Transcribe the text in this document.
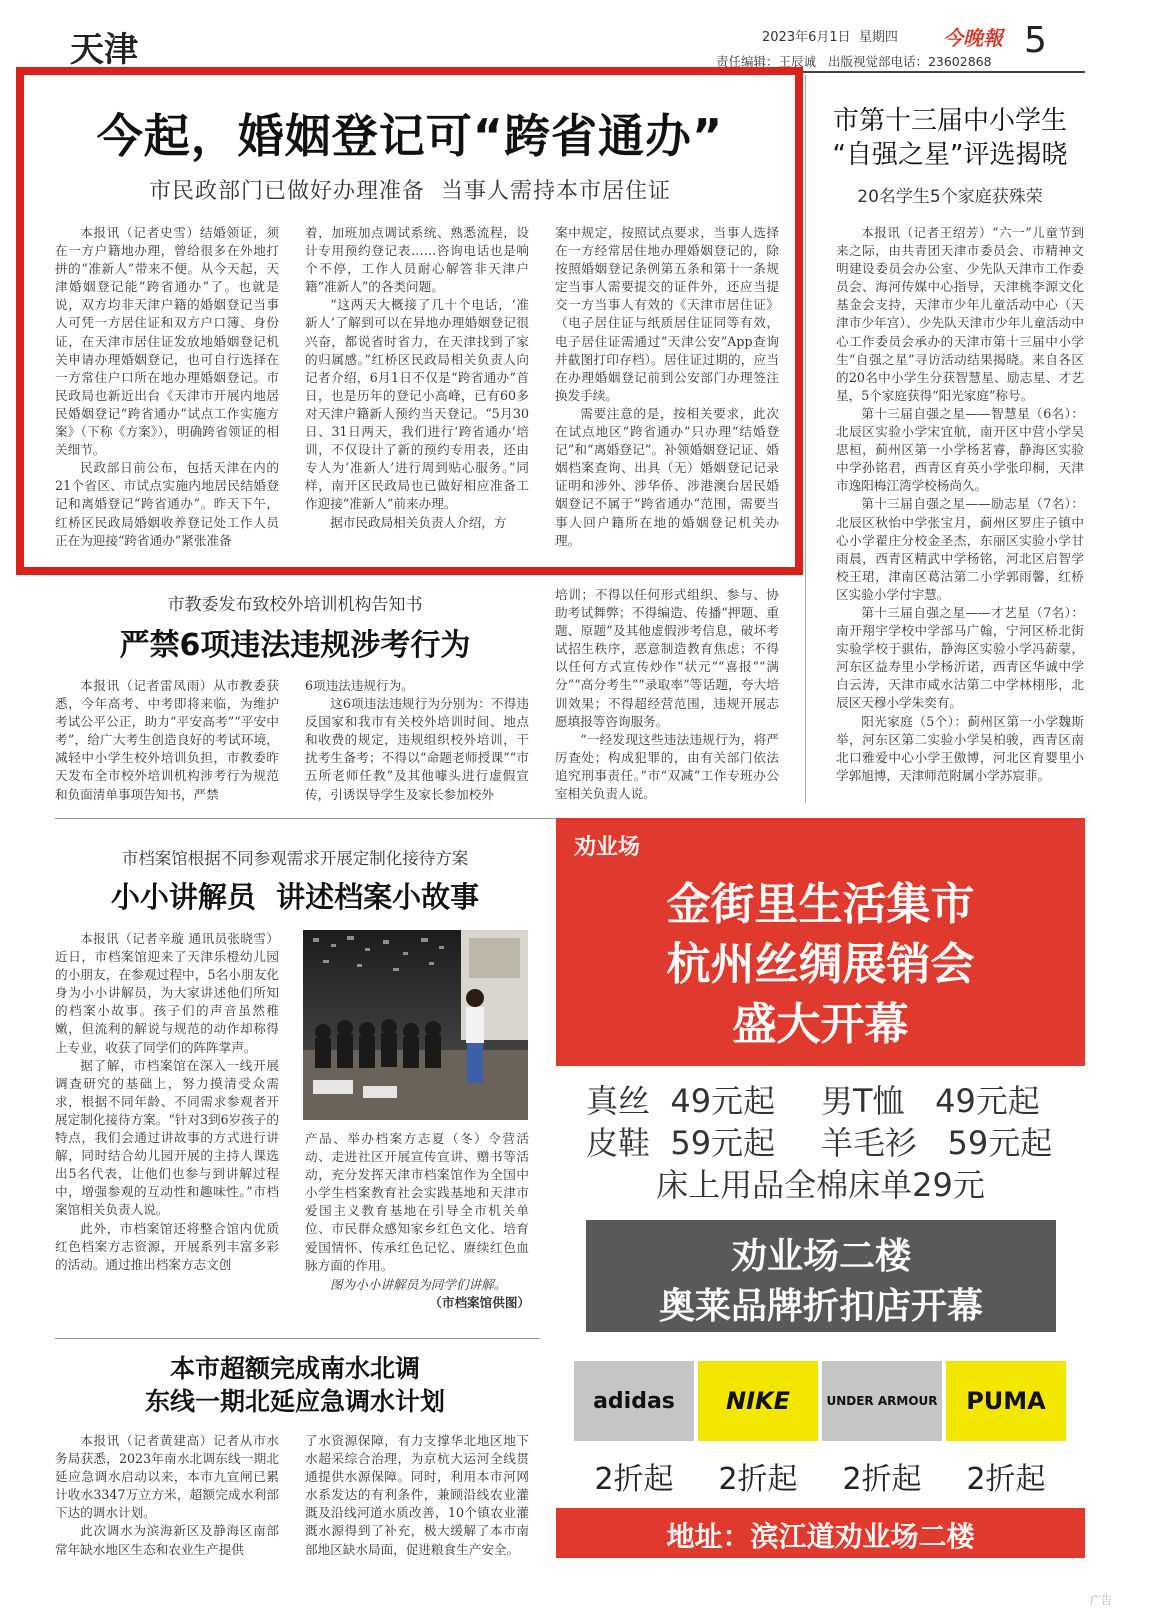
天津	2023年6月1日 星期四 今晚報 5
责任编辑：王辰诚 出版视觉部电话：23602868
今起，婚姻登记可“跨省通办”
市民政部门已做好办理准备  当事人需持本市居住证

本报讯（记者史雪）结婚领证，须在一方户籍地办理，曾给很多在外地打拼的“准新人”带来不便。从今天起，天津婚姻登记能“跨省通办”了。也就是说，双方均非天津户籍的婚姻登记当事人可凭一方居住证和双方户口簿、身份证，在天津市居住证发放地婚姻登记机关申请办理婚姻登记，也可自行选择在一方常住户口所在地办理婚姻登记。市民政局也新近出台《天津市开展内地居民婚姻登记“跨省通办”试点工作实施方案》（下称《方案》），明确跨省领证的相关细节。

民政部日前公布，包括天津在内的21个省区、市试点实施内地居民结婚登记和离婚登记“跨省通办”。昨天下午，红桥区民政局婚姻收养登记处工作人员正在为迎接“跨省通办”紧张准备

着，加班加点调试系统、熟悉流程，设计专用预约登记表……咨询电话也是响个不停，工作人员耐心解答非天津户籍“准新人”的各类问题。

“这两天大概接了几十个电话，‘准新人’了解到可以在异地办理婚姻登记很兴奋，都说省时省力，在天津找到了家的归属感。”红桥区民政局相关负责人向记者介绍，6月1日不仅是“跨省通办”首日，也是历年的登记小高峰，已有60多对天津户籍新人预约当天登记。“5月30日、31日两天，我们进行‘跨省通办’培训，不仅设计了新的预约专用表，还由专人为‘准新人’进行周到贴心服务。”同样，南开区民政局也已做好相应准备工作迎接“准新人”前来办理。

据市民政局相关负责人介绍，方

案中规定，按照试点要求，当事人选择在一方经常居住地办理婚姻登记的，除按照婚姻登记条例第五条和第十一条规定当事人需要提交的证件外，还应当提交一方当事人有效的《天津市居住证》（电子居住证与纸质居住证同等有效，电子居住证需通过“天津公安”App查询并截图打印存档）。居住证过期的，应当在办理婚姻登记前到公安部门办理签注换发手续。

需要注意的是，按相关要求，此次在试点地区“跨省通办”只办理“结婚登记”和“离婚登记”。补领婚姻登记证、婚姻档案查询、出具（无）婚姻登记记录证明和涉外、涉华侨、涉港澳台居民婚姻登记不属于“跨省通办”范围，需要当事人回户籍所在地的婚姻登记机关办理。

市第十三届中小学生
“自强之星”评选揭晓
20名学生5个家庭获殊荣

本报讯（记者王绍芳）“六一”儿童节到来之际，由共青团天津市委员会、市精神文明建设委员会办公室、少先队天津市工作委员会、海河传媒中心指导，天津桃李源文化基金会支持，天津市少年儿童活动中心（天津市少年宫）、少先队天津市少年儿童活动中心工作委员会承办的天津市第十三届中小学生“自强之星”寻访活动结果揭晓。来自各区的20名中小学生分获智慧星、励志星、才艺星，5个家庭获得“阳光家庭”称号。

第十三届自强之星——智慧星（6名）：北辰区实验小学宋宜航，南开区中营小学吴思桓，蓟州区第一小学杨茗睿，静海区实验中学孙铭君，西青区育英小学张印桐，天津市逸阳梅江湾学校杨尚久。

第十三届自强之星——励志星（7名）：北辰区秋怡中学张宝月，蓟州区罗庄子镇中心小学翟庄分校金圣杰，东丽区实验小学甘雨晨，西青区精武中学杨铭，河北区启智学校王珺，津南区葛沽第二小学郭雨馨，红桥区实验小学付宇慧。

第十三届自强之星——才艺星（7名）：南开翔宇学校中学部马广翰，宁河区桥北街实验学校于骐佑，静海区实验小学冯薪蒙，河东区益寿里小学杨沂诺，西青区华诚中学白云涛，天津市咸水沽第二中学林栩彤，北辰区天穆小学朱奕有。

阳光家庭（5个）：蓟州区第一小学魏斯举，河东区第二实验小学吴柏骏，西青区南北口雅爱中心小学王傲博，河北区育婴里小学郭旭博，天津师范附属小学苏宸菲。

市教委发布致校外培训机构告知书
严禁6项违法违规涉考行为

本报讯（记者雷凤雨）从市教委获悉，今年高考、中考即将来临，为维护考试公平公正，助力“平安高考”“平安中考”，给广大考生创造良好的考试环境，减轻中小学生校外培训负担，市教委昨天发布全市校外培训机构涉考行为规范和负面清单事项告知书，严禁

6项违法违规行为。

这6项违法违规行为分别为：不得违反国家和我市有关校外培训时间、地点和收费的规定，违规组织校外培训，干扰考生备考；不得以“命题老师授课”“市五所老师任教”及其他噱头进行虚假宣传，引诱误导学生及家长参加校外

培训；不得以任何形式组织、参与、协助考试舞弊；不得编造、传播“押题、重题、原题”及其他虚假涉考信息，破坏考试招生秩序，恶意制造教育焦虑；不得以任何方式宣传炒作“状元”“喜报”“满分”“高分考生”“录取率”等话题，夸大培训效果；不得超经营范围，违规开展志愿填报等咨询服务。

“一经发现这些违法违规行为，将严厉查处；构成犯罪的，由有关部门依法追究刑事责任。”市“双减”工作专班办公室相关负责人说。

市档案馆根据不同参观需求开展定制化接待方案
小小讲解员  讲述档案小故事

本报讯（记者辛璇 通讯员张晓雪）近日，市档案馆迎来了天津乐橙幼儿园的小朋友，在参观过程中，5名小朋友化身为小小讲解员，为大家讲述他们所知的档案小故事。孩子们的声音虽然稚嫩，但流利的解说与规范的动作却称得上专业，收获了同学们的阵阵掌声。

据了解，市档案馆在深入一线开展调查研究的基础上，努力摸清受众需求，根据不同年龄、不同需求参观者开展定制化接待方案。“针对3到6岁孩子的特点，我们会通过讲故事的方式进行讲解，同时结合幼儿园开展的主持人课选出5名代表，让他们也参与到讲解过程中，增强参观的互动性和趣味性。”市档案馆相关负责人说。

此外，市档案馆还将整合馆内优质红色档案方志资源，开展系列丰富多彩的活动。通过推出档案方志文创

产品、举办档案方志夏（冬）令营活动、走进社区开展宣传宣讲、赠书等活动，充分发挥天津市档案馆作为全国中小学生档案教育社会实践基地和天津市爱国主义教育基地在引导全市机关单位、市民群众感知家乡红色文化、培育爱国情怀、传承红色记忆、赓续红色血脉方面的作用。

图为小小讲解员为同学们讲解。
（市档案馆供图）
本市超额完成南水北调
东线一期北延应急调水计划

本报讯（记者黄建高）记者从市水务局获悉，2023年南水北调东线一期北延应急调水启动以来，本市九宣闸已累计收水3347万立方米，超额完成水利部下达的调水计划。

此次调水为滨海新区及静海区南部常年缺水地区生态和农业生产提供

了水资源保障，有力支撑华北地区地下水超采综合治理，为京杭大运河全线贯通提供水源保障。同时，利用本市河网水系发达的有利条件，兼顾沿线农业灌溉及沿线河道水质改善，10个镇农业灌溉水源得到了补充，极大缓解了本市南部地区缺水局面，促进粮食生产安全。

劝业场
金街里生活集市
杭州丝绸展销会
盛大开幕
真丝 49元起 男T恤 49元起
皮鞋 59元起 羊毛衫 59元起
床上用品全棉床单29元
劝业场二楼
奥莱品牌折扣店开幕
adidas NIKE	UNDER ARMOUR PUMA
2折起	2折起	2折起	2折起
地址：滨江道劝业场二楼
广告
